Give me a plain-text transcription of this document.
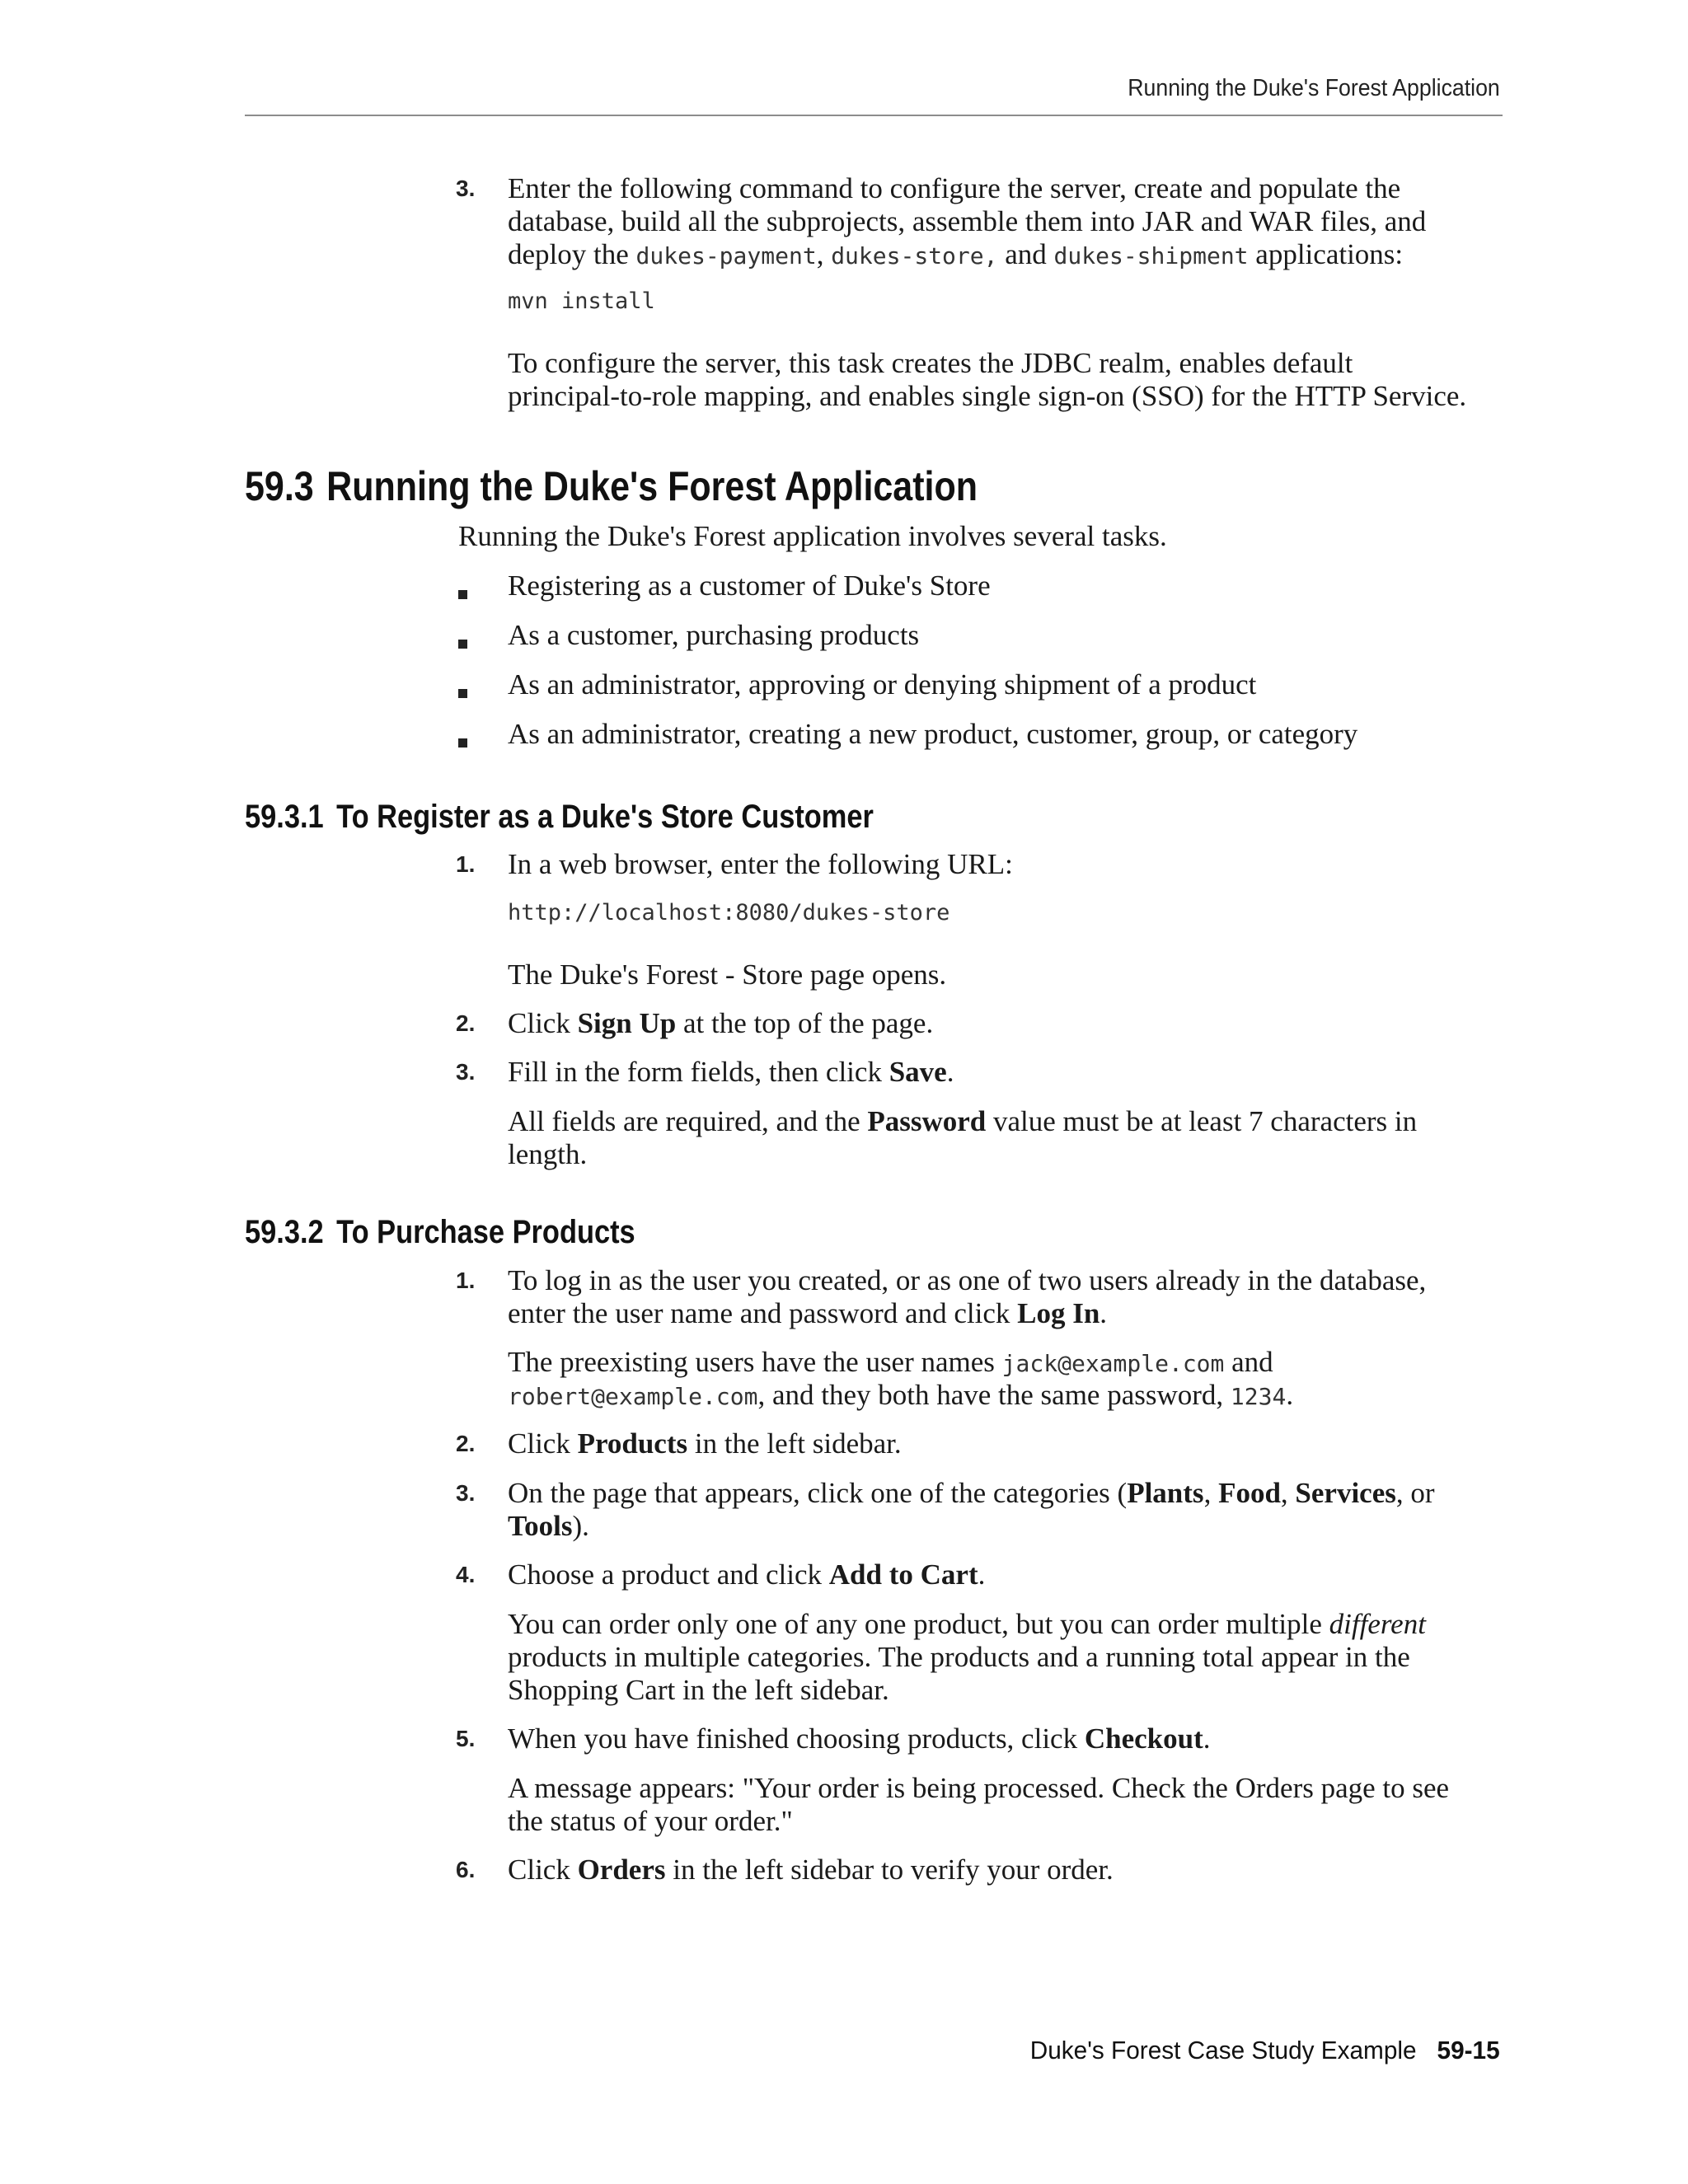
Running the Duke's Forest Application
3. Enter the following command to configure the server, create and populate the
database, build all the subprojects, assemble them into JAR and WAR files, and
deploy the dukes-payment, dukes-store, and dukes-shipment applications:
mvn install
To configure the server, this task creates the JDBC realm, enables default
principal-to-role mapping, and enables single sign-on (SSO) for the HTTP Service.
59.3 Running the Duke's Forest Application
Running the Duke's Forest application involves several tasks.
Registering as a customer of Duke's Store
As a customer, purchasing products
As an administrator, approving or denying shipment of a product
As an administrator, creating a new product, customer, group, or category
59.3.1 To Register as a Duke's Store Customer
1. In a web browser, enter the following URL:
http://localhost:8080/dukes-store
The Duke's Forest - Store page opens.
2. Click Sign Up at the top of the page.
3. Fill in the form fields, then click Save.
All fields are required, and the Password value must be at least 7 characters in
length.
59.3.2 To Purchase Products
1. To log in as the user you created, or as one of two users already in the database,
enter the user name and password and click Log In.
The preexisting users have the user names jack@example.com and
robert@example.com, and they both have the same password, 1234.
2. Click Products in the left sidebar.
3. On the page that appears, click one of the categories (Plants, Food, Services, or
Tools).
4. Choose a product and click Add to Cart.
You can order only one of any one product, but you can order multiple different
products in multiple categories. The products and a running total appear in the
Shopping Cart in the left sidebar.
5. When you have finished choosing products, click Checkout.
A message appears: "Your order is being processed. Check the Orders page to see
the status of your order."
6. Click Orders in the left sidebar to verify your order.
Duke's Forest Case Study Example 59-15
